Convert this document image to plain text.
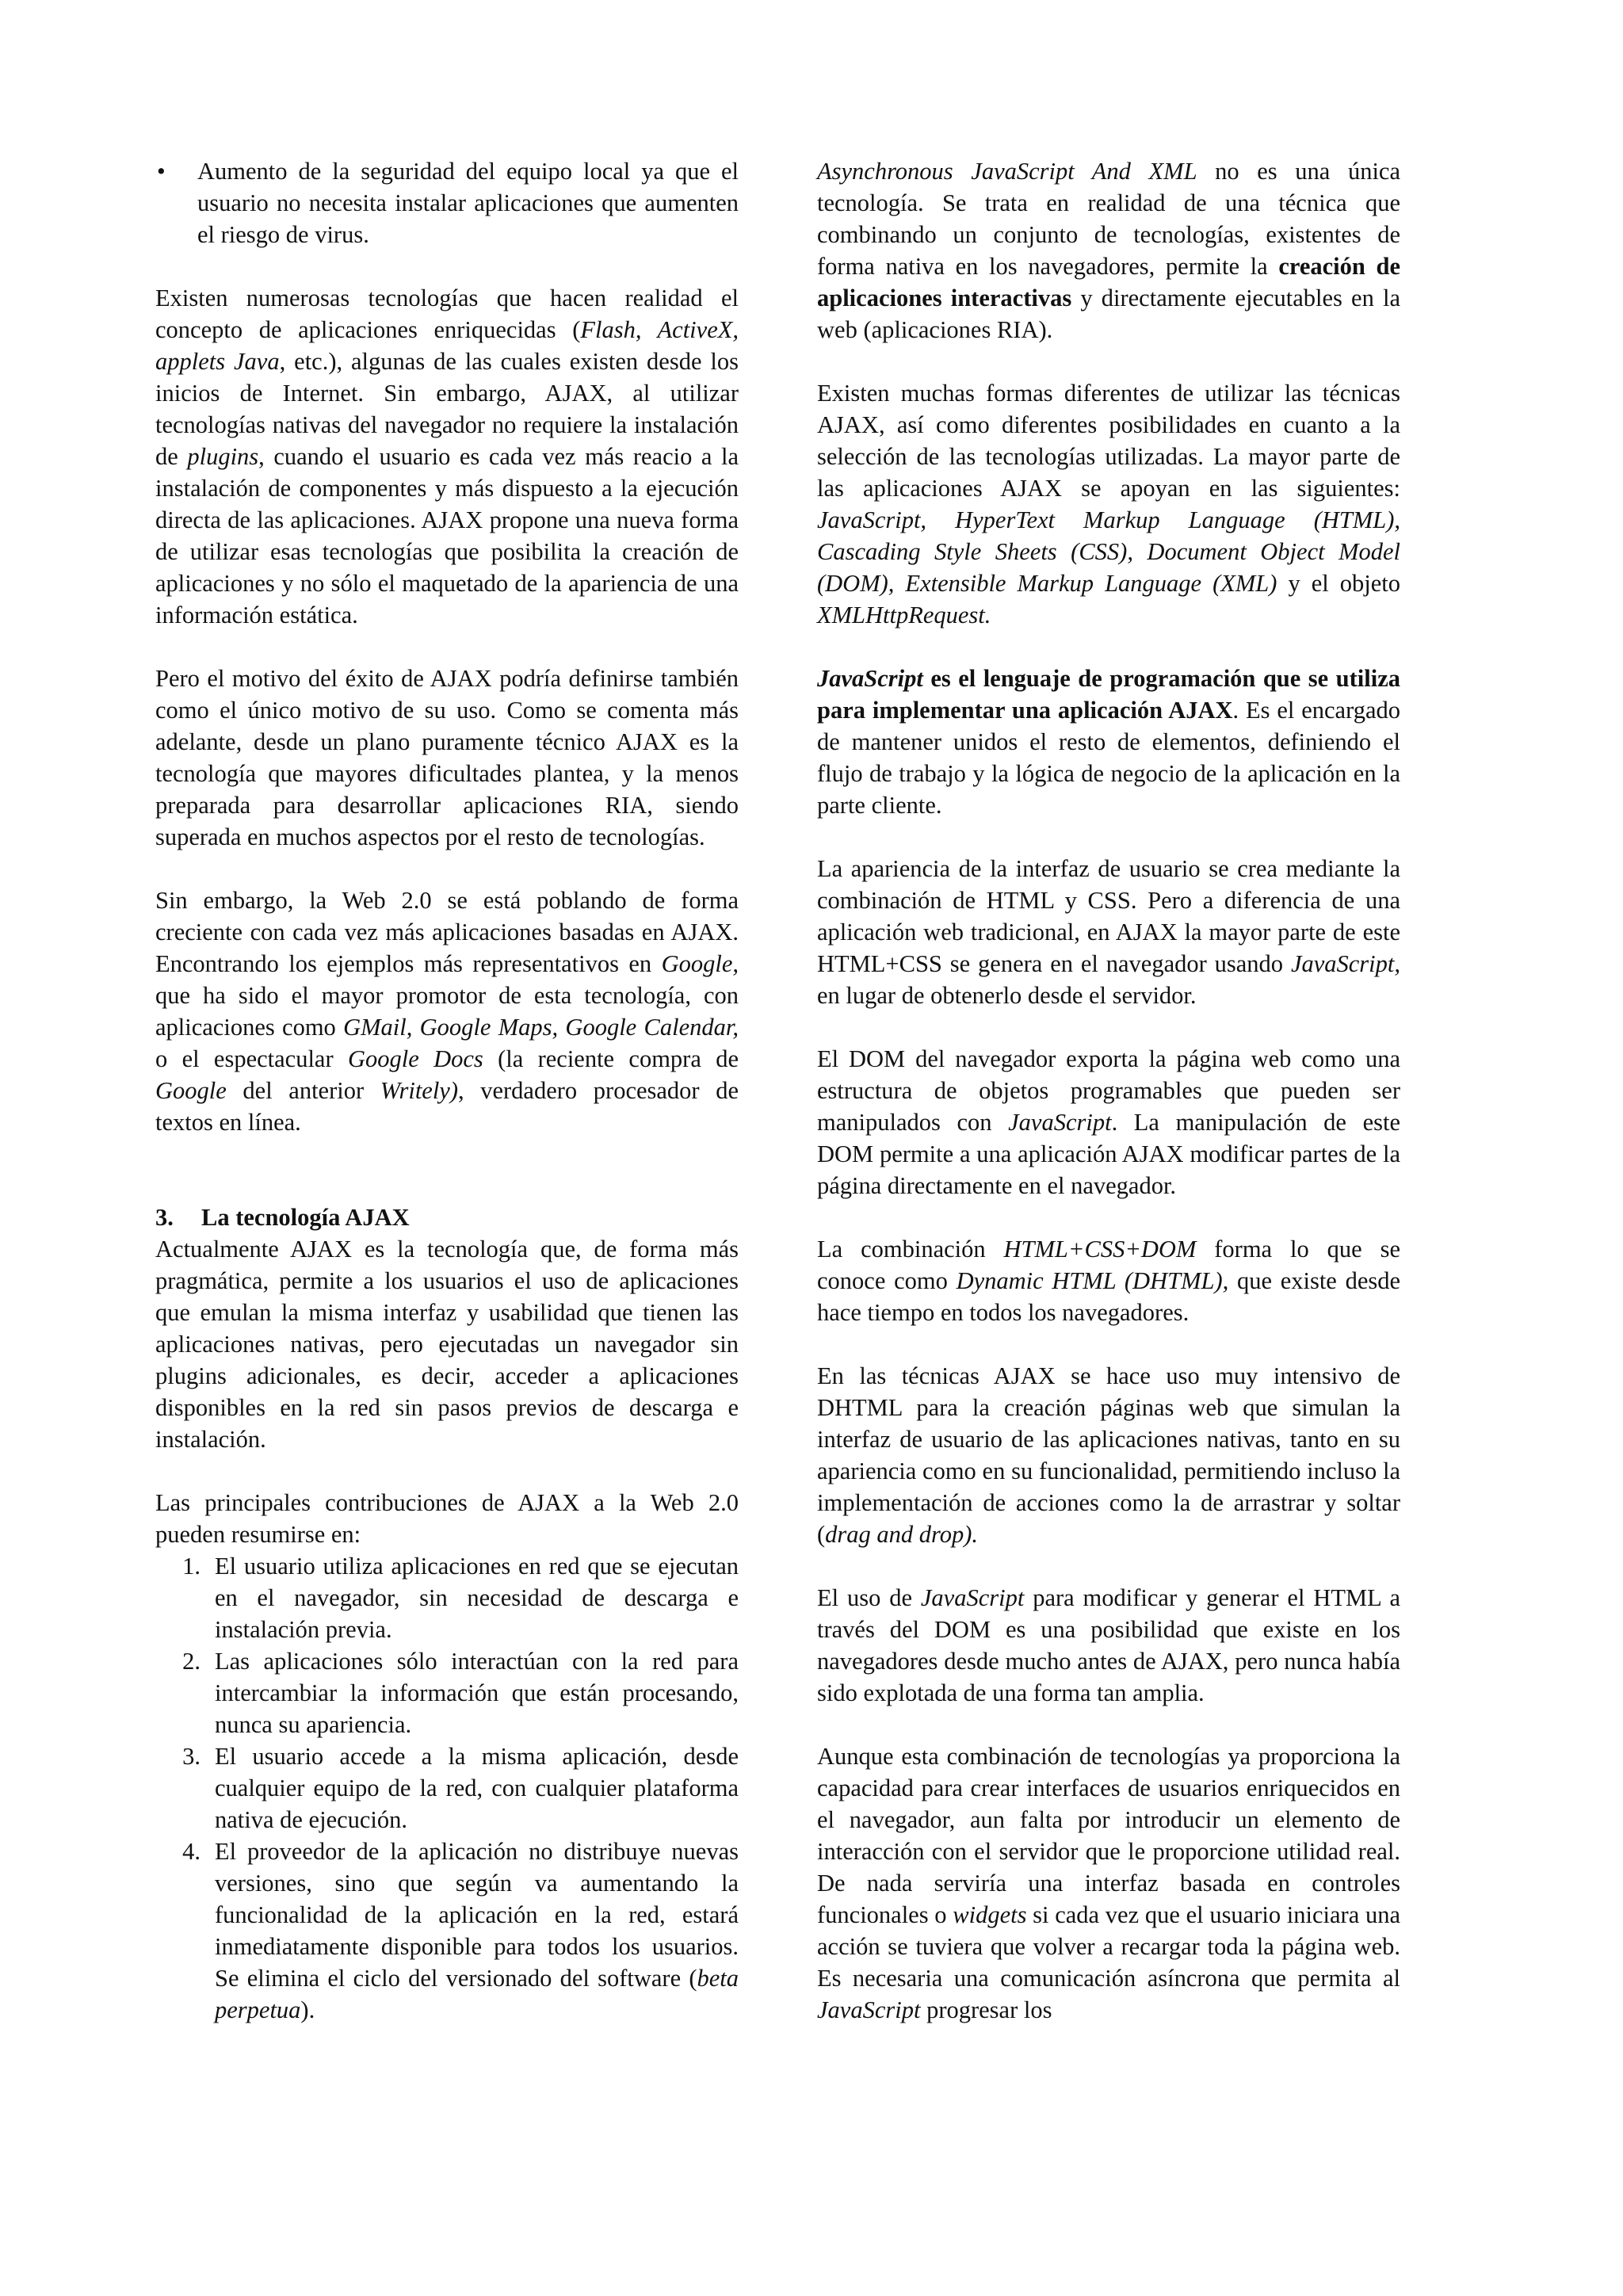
•	Aumento de la seguridad del equipo local ya que el usuario no necesita instalar aplicaciones que aumenten el riesgo de virus.

Existen numerosas tecnologías que hacen realidad el concepto de aplicaciones enriquecidas (Flash, ActiveX, applets Java, etc.), algunas de las cuales existen desde los inicios de Internet. Sin embargo, AJAX, al utilizar tecnologías nativas del navegador no requiere la instalación de plugins, cuando el usuario es cada vez más reacio a la instalación de componentes y más dispuesto a la ejecución directa de las aplicaciones. AJAX propone una nueva forma de utilizar esas tecnologías que posibilita la creación de aplicaciones y no sólo el maquetado de la apariencia de una información estática.

Pero el motivo del éxito de AJAX podría definirse también como el único motivo de su uso. Como se comenta más adelante, desde un plano puramente técnico AJAX es la tecnología que mayores dificultades plantea, y la menos preparada para desarrollar aplicaciones RIA, siendo superada en muchos aspectos por el resto de tecnologías.

Sin embargo, la Web 2.0 se está poblando de forma creciente con cada vez más aplicaciones basadas en AJAX. Encontrando los ejemplos más representativos en Google, que ha sido el mayor promotor de esta tecnología, con aplicaciones como GMail, Google Maps, Google Calendar, o el espectacular Google Docs (la reciente compra de Google del anterior Writely), verdadero procesador de textos en línea.

3. La tecnología AJAX

Actualmente AJAX es la tecnología que, de forma más pragmática, permite a los usuarios el uso de aplicaciones que emulan la misma interfaz y usabilidad que tienen las aplicaciones nativas, pero ejecutadas un navegador sin plugins adicionales, es decir, acceder a aplicaciones disponibles en la red sin pasos previos de descarga e instalación.

Las principales contribuciones de AJAX a la Web 2.0 pueden resumirse en:

1. El usuario utiliza aplicaciones en red que se ejecutan en el navegador, sin necesidad de descarga e instalación previa.
2. Las aplicaciones sólo interactúan con la red para intercambiar la información que están procesando, nunca su apariencia.
3. El usuario accede a la misma aplicación, desde cualquier equipo de la red, con cualquier plataforma nativa de ejecución.
4. El proveedor de la aplicación no distribuye nuevas versiones, sino que según va aumentando la funcionalidad de la aplicación en la red, estará inmediatamente disponible para todos los usuarios. Se elimina el ciclo del versionado del software (beta perpetua).

Asynchronous JavaScript And XML no es una única tecnología. Se trata en realidad de una técnica que combinando un conjunto de tecnologías, existentes de forma nativa en los navegadores, permite la creación de aplicaciones interactivas y directamente ejecutables en la web (aplicaciones RIA).

Existen muchas formas diferentes de utilizar las técnicas AJAX, así como diferentes posibilidades en cuanto a la selección de las tecnologías utilizadas. La mayor parte de las aplicaciones AJAX se apoyan en las siguientes: JavaScript, HyperText Markup Language (HTML), Cascading Style Sheets (CSS), Document Object Model (DOM), Extensible Markup Language (XML) y el objeto XMLHttpRequest.

JavaScript es el lenguaje de programación que se utiliza para implementar una aplicación AJAX. Es el encargado de mantener unidos el resto de elementos, definiendo el flujo de trabajo y la lógica de negocio de la aplicación en la parte cliente.

La apariencia de la interfaz de usuario se crea mediante la combinación de HTML y CSS. Pero a diferencia de una aplicación web tradicional, en AJAX la mayor parte de este HTML+CSS se genera en el navegador usando JavaScript, en lugar de obtenerlo desde el servidor.

El DOM del navegador exporta la página web como una estructura de objetos programables que pueden ser manipulados con JavaScript. La manipulación de este DOM permite a una aplicación AJAX modificar partes de la página directamente en el navegador.

La combinación HTML+CSS+DOM forma lo que se conoce como Dynamic HTML (DHTML), que existe desde hace tiempo en todos los navegadores.

En las técnicas AJAX se hace uso muy intensivo de DHTML para la creación páginas web que simulan la interfaz de usuario de las aplicaciones nativas, tanto en su apariencia como en su funcionalidad, permitiendo incluso la implementación de acciones como la de arrastrar y soltar (drag and drop).

El uso de JavaScript para modificar y generar el HTML a través del DOM es una posibilidad que existe en los navegadores desde mucho antes de AJAX, pero nunca había sido explotada de una forma tan amplia.

Aunque esta combinación de tecnologías ya proporciona la capacidad para crear interfaces de usuarios enriquecidos en el navegador, aun falta por introducir un elemento de interacción con el servidor que le proporcione utilidad real. De nada serviría una interfaz basada en controles funcionales o widgets si cada vez que el usuario iniciara una acción se tuviera que volver a recargar toda la página web. Es necesaria una comunicación asíncrona que permita al JavaScript progresar los
